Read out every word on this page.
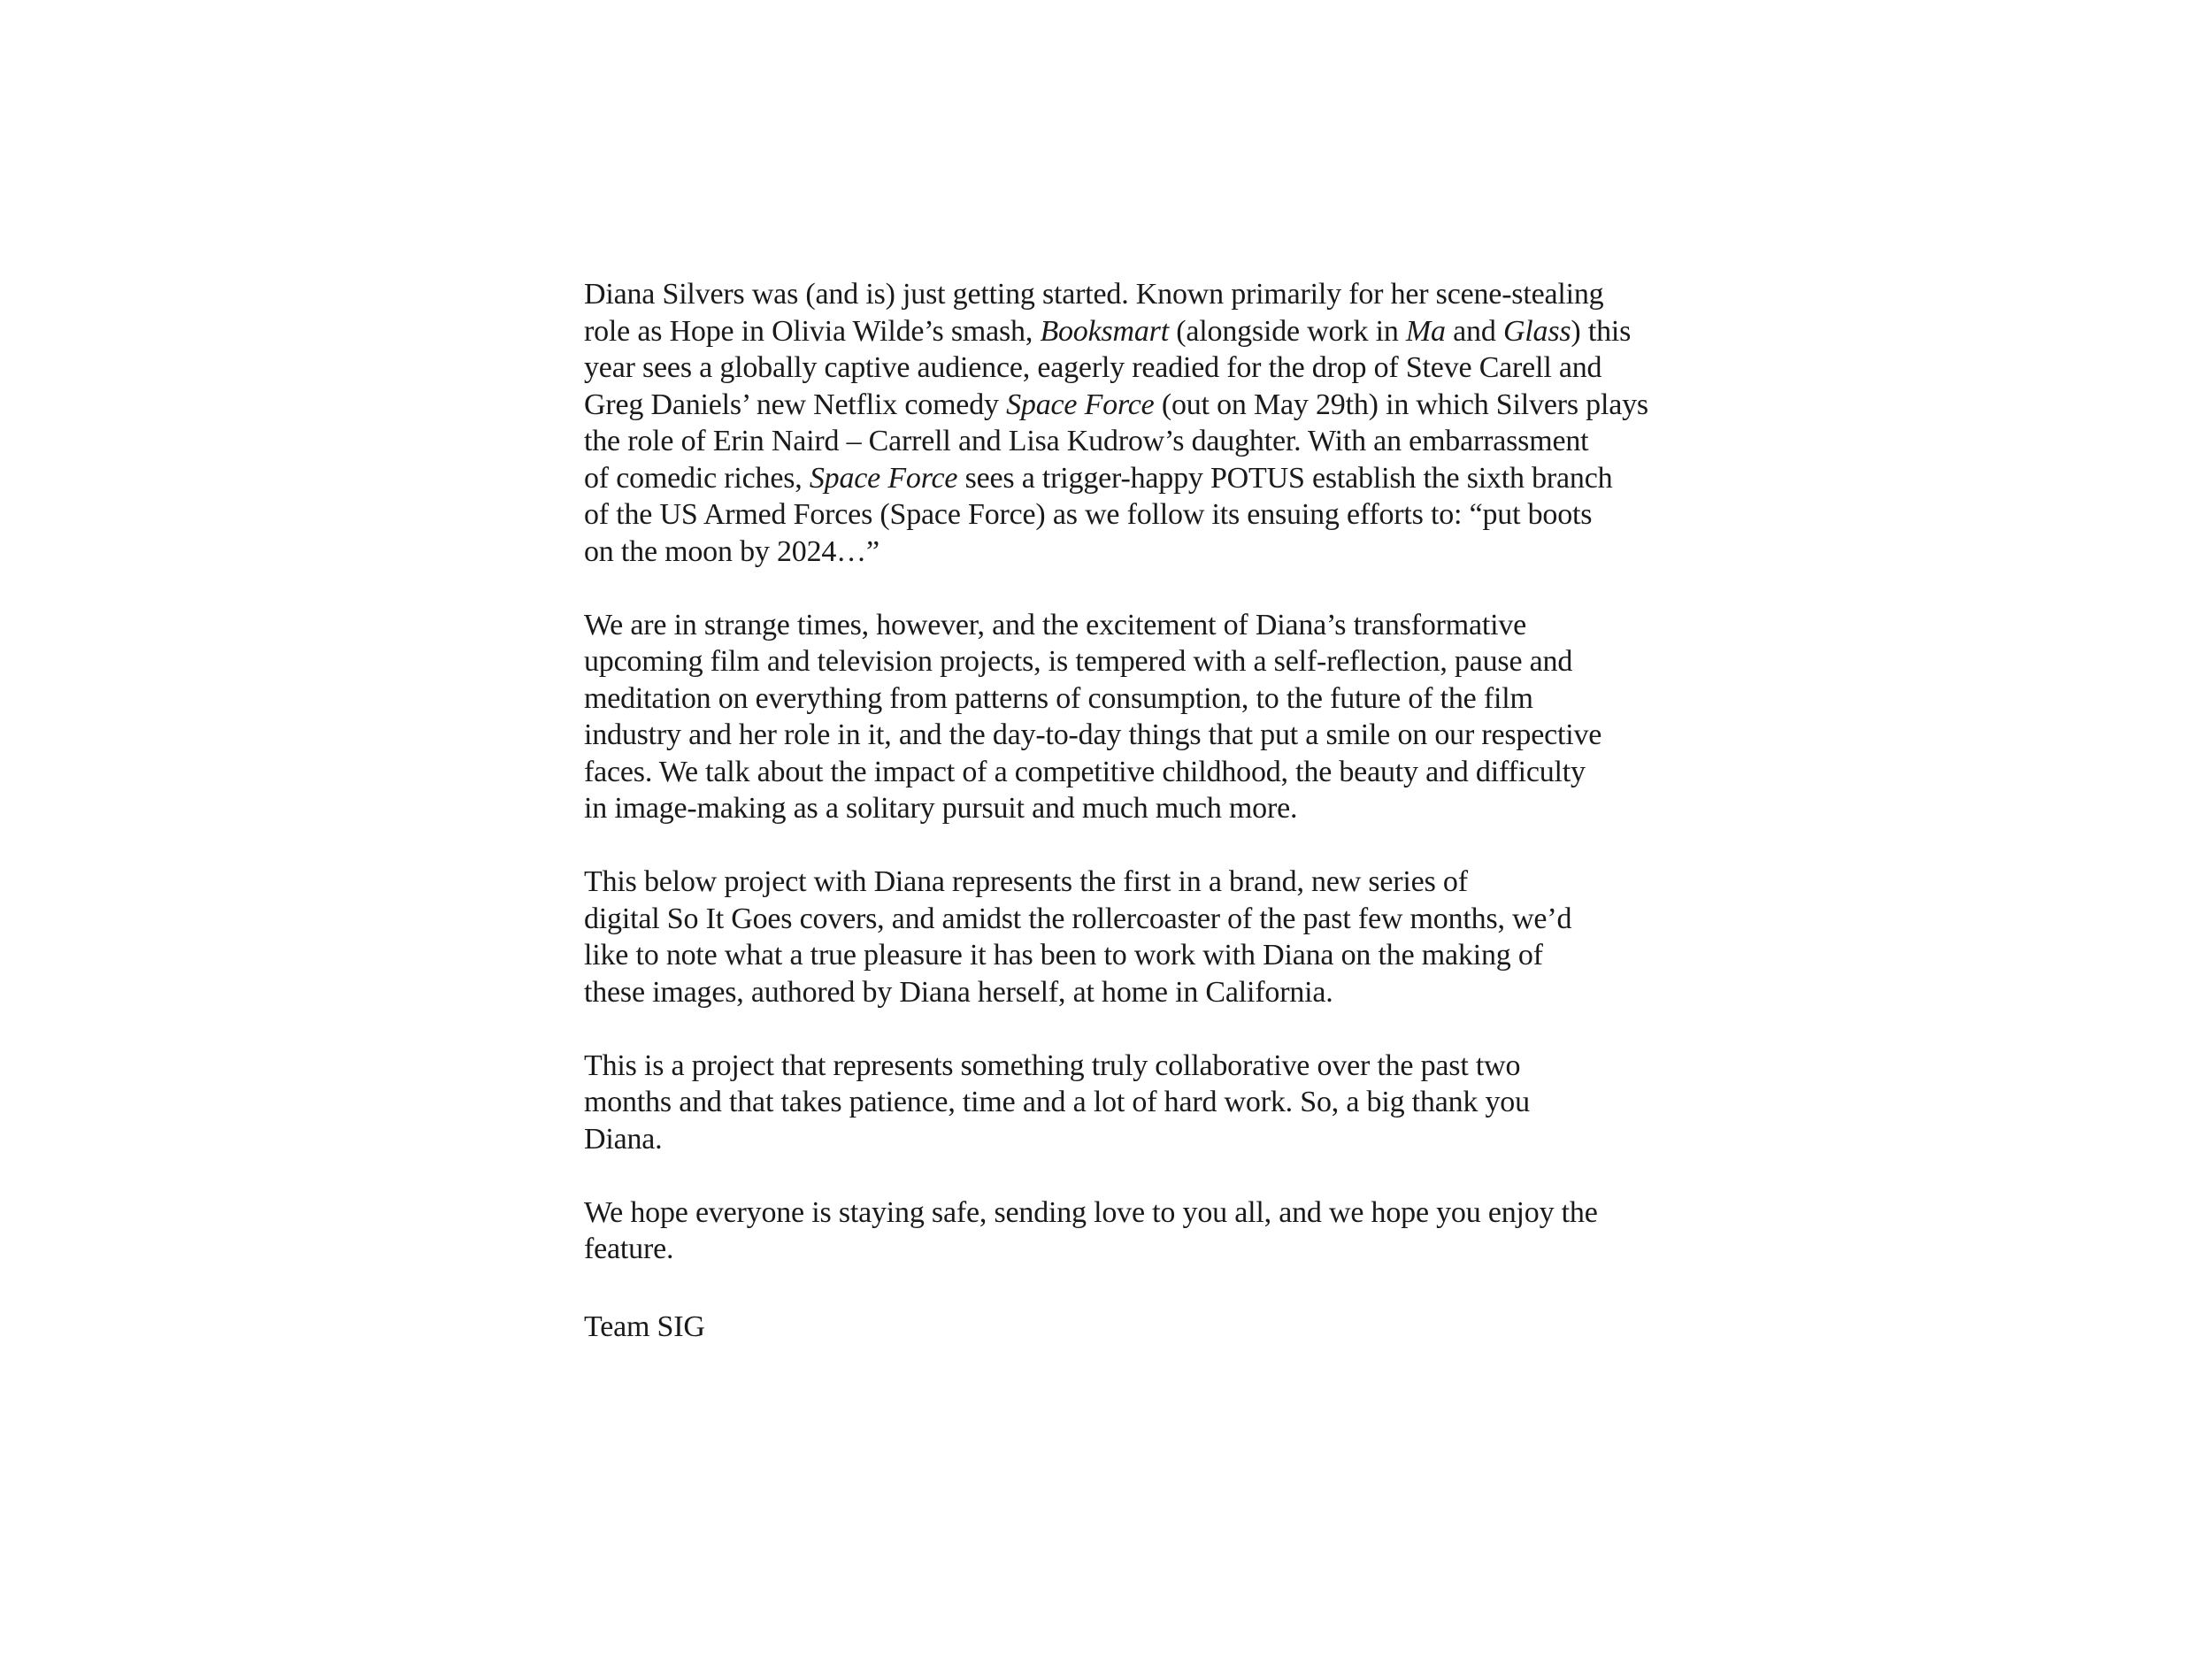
Diana Silvers was (and is) just getting started. Known primarily for her scene-stealing
role as Hope in Olivia Wilde’s smash, Booksmart (alongside work in Ma and Glass) this
year sees a globally captive audience, eagerly readied for the drop of Steve Carell and
Greg Daniels’ new Netflix comedy Space Force (out on May 29th) in which Silvers plays
the role of Erin Naird – Carrell and Lisa Kudrow’s daughter. With an embarrassment
of comedic riches, Space Force sees a trigger-happy POTUS establish the sixth branch
of the US Armed Forces (Space Force) as we follow its ensuing efforts to: “put boots
on the moon by 2024…”

We are in strange times, however, and the excitement of Diana’s transformative
upcoming film and television projects, is tempered with a self-reflection, pause and
meditation on everything from patterns of consumption, to the future of the film
industry and her role in it, and the day-to-day things that put a smile on our respective
faces. We talk about the impact of a competitive childhood, the beauty and difficulty
in image-making as a solitary pursuit and much much more.

This below project with Diana represents the first in a brand, new series of
digital So It Goes covers, and amidst the rollercoaster of the past few months, we’d
like to note what a true pleasure it has been to work with Diana on the making of
these images, authored by Diana herself, at home in California.

This is a project that represents something truly collaborative over the past two
months and that takes patience, time and a lot of hard work. So, a big thank you
Diana.

We hope everyone is staying safe, sending love to you all, and we hope you enjoy the
feature.

Team SIG
